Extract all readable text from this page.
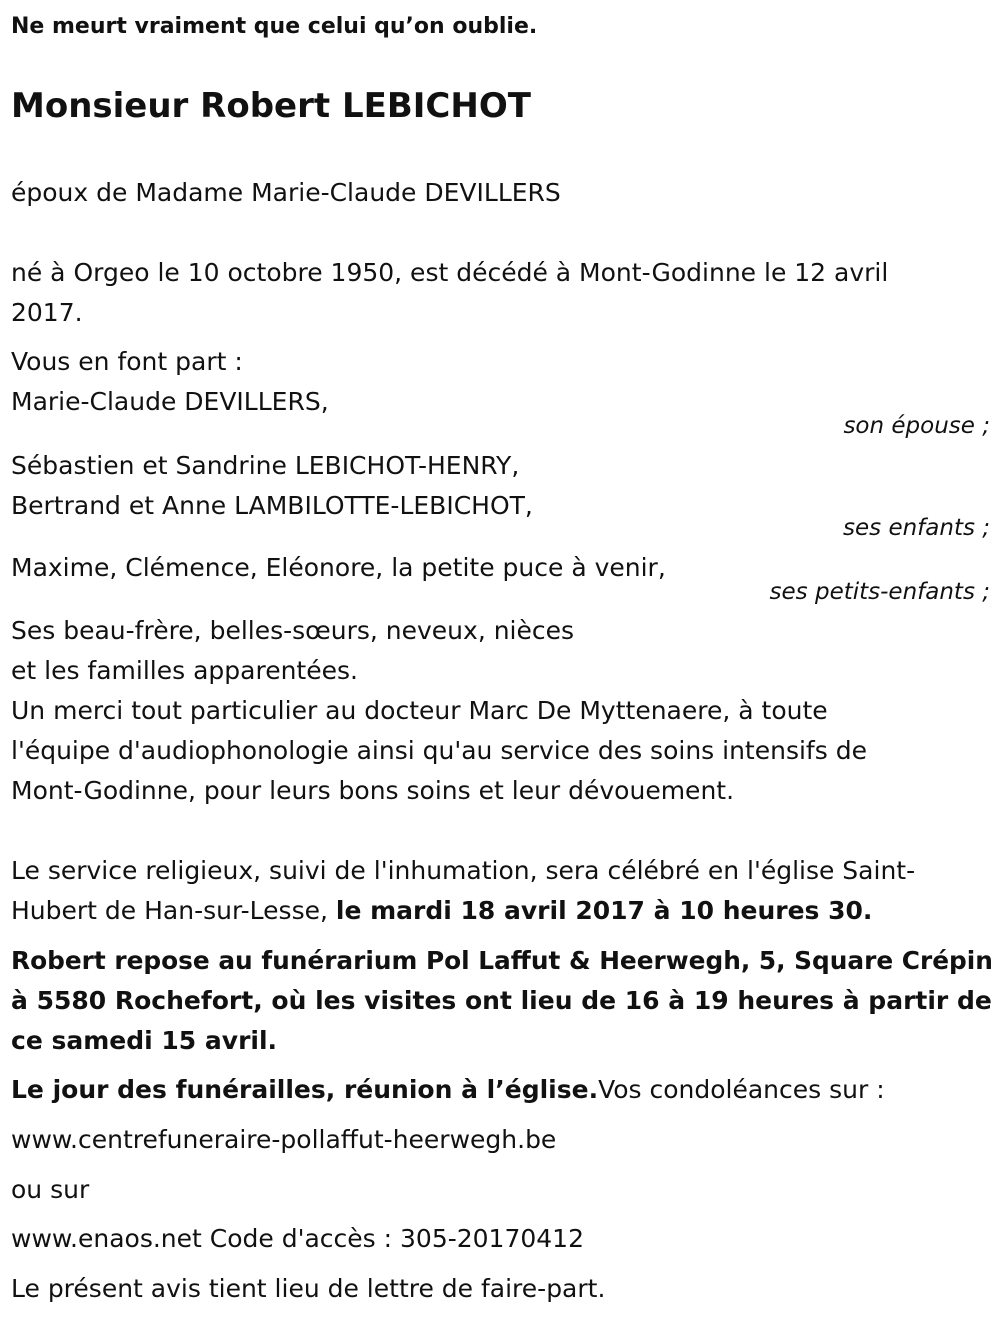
Ne meurt vraiment que celui qu’on oublie.
Monsieur Robert LEBICHOT
époux de Madame Marie-Claude DEVILLERS
né à Orgeo le 10 octobre 1950, est décédé à Mont-Godinne le 12 avril
2017.
Vous en font part :
Marie-Claude DEVILLERS,
son épouse ;
Sébastien et Sandrine LEBICHOT-HENRY,
Bertrand et Anne LAMBILOTTE-LEBICHOT,
ses enfants ;
Maxime, Clémence, Eléonore, la petite puce à venir,
ses petits-enfants ;
Ses beau-frère, belles-sœurs, neveux, nièces
et les familles apparentées.
Un merci tout particulier au docteur Marc De Myttenaere, à toute
l'équipe d'audiophonologie ainsi qu'au service des soins intensifs de
Mont-Godinne, pour leurs bons soins et leur dévouement.
Le service religieux, suivi de l'inhumation, sera célébré en l'église Saint-
Hubert de Han-sur-Lesse, le mardi 18 avril 2017 à 10 heures 30.
Robert repose au funérarium Pol Laffut & Heerwegh, 5, Square Crépin
à 5580 Rochefort, où les visites ont lieu de 16 à 19 heures à partir de
ce samedi 15 avril.
Le jour des funérailles, réunion à l’église.Vos condoléances sur :
www.centrefuneraire-pollaffut-heerwegh.be
ou sur
www.enaos.net Code d'accès : 305-20170412
Le présent avis tient lieu de lettre de faire-part.
